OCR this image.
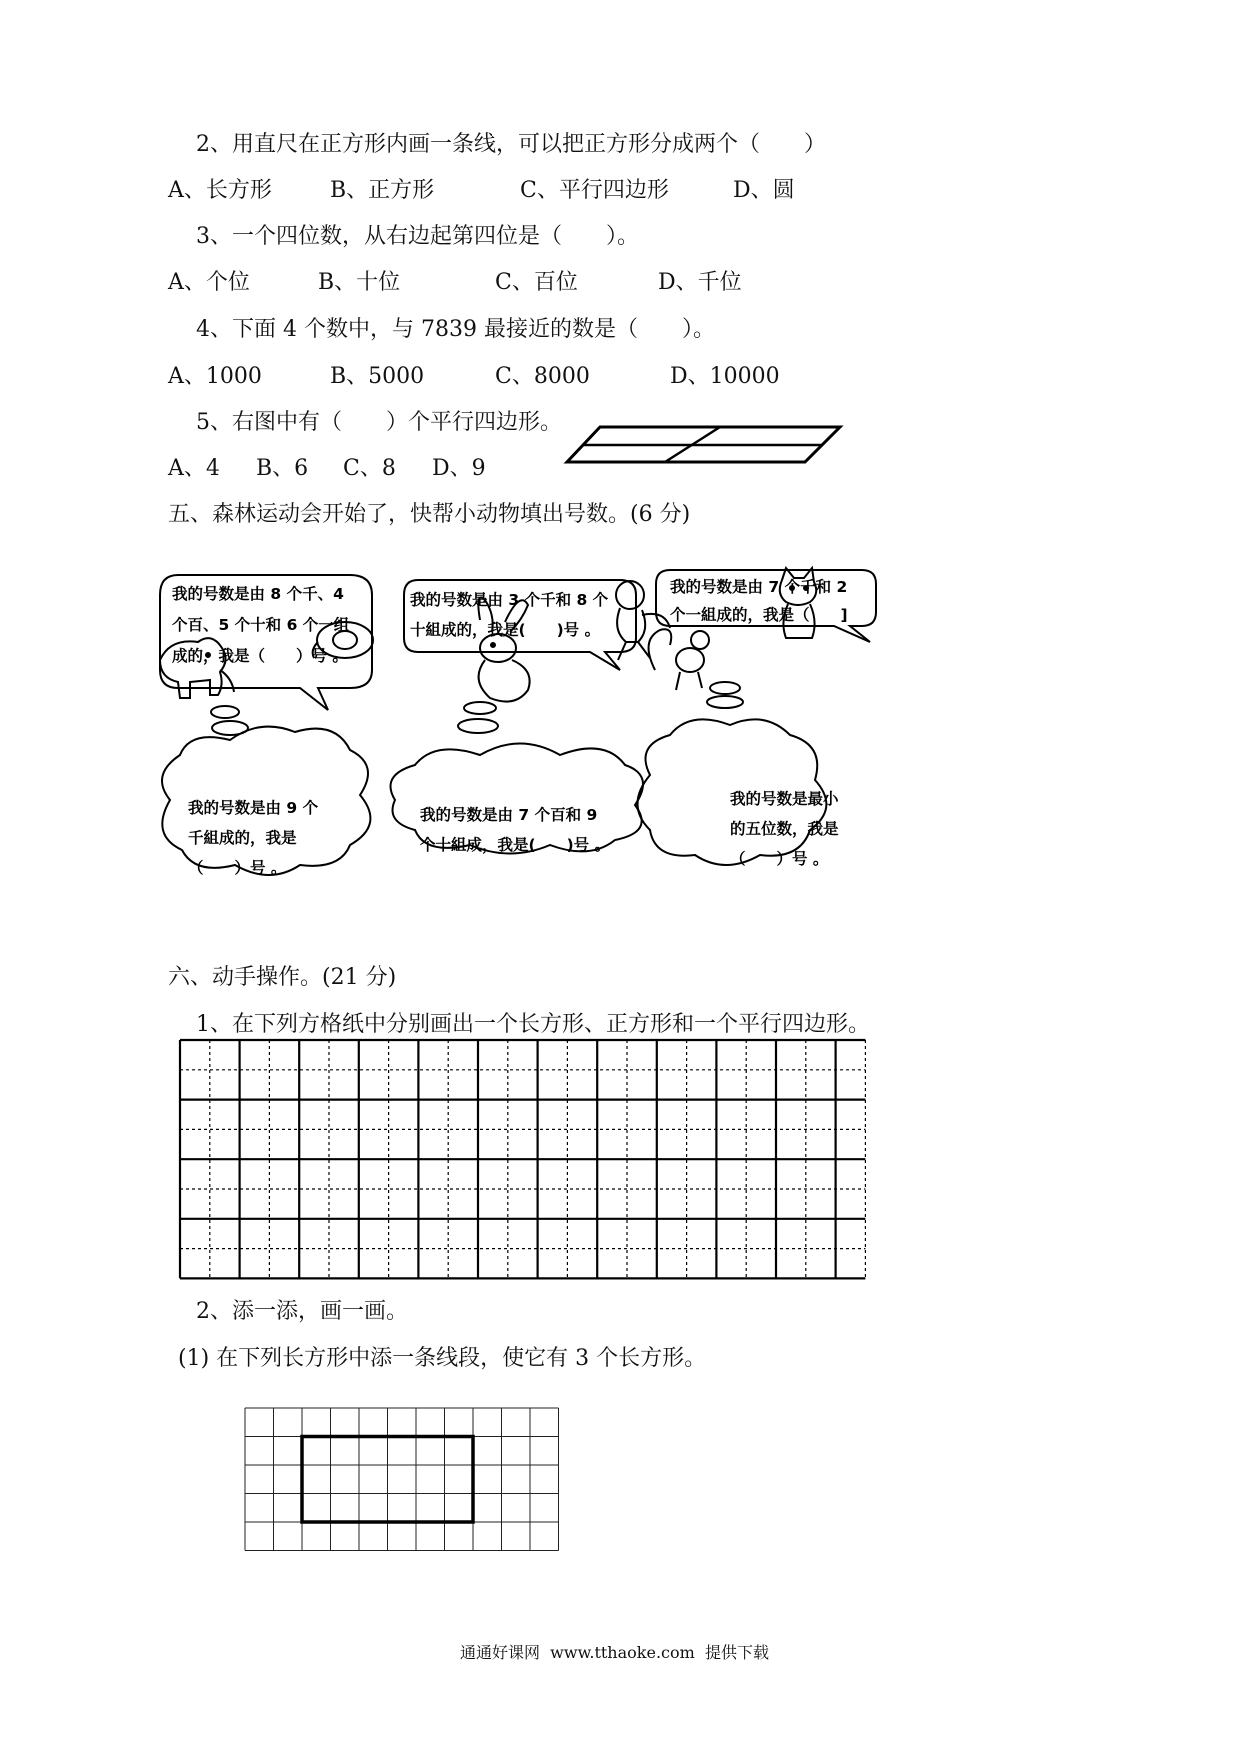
2、用直尺在正方形内画一条线，可以把正方形分成两个（　　）
A、长方形	B、正方形	C、平行四边形	D、圆
3、一个四位数，从右边起第四位是（　　）。
A、个位	B、十位	C、百位	D、千位
4、下面 4 个数中，与 7839 最接近的数是（　　）。
A、1000	B、5000	C、8000	D、10000
5、右图中有（　　）个平行四边形。
A、4 B、6 C、8 D、9
五、森林运动会开始了，快帮小动物填出号数。(6 分)
我的号数是由 8 个千、4
个百、5 个十和 6 个一组
成的，我是（　　）号 。
我的号数是由 3 个千和 8 个
十組成的，我是(　　)号 。
我的号数是由 7 个千和 2
个一組成的，我是（　　]
我的号数是由 9 个
千組成的，我是
（　　）号 。
我的号数是由 7 个百和 9
个十組成，我是(　　)号 。
我的号数是最小
的五位数，我是
（　　）号 。
六、动手操作。(21 分)
1、在下列方格纸中分别画出一个长方形、正方形和一个平行四边形。
2、添一添，画一画。
(1) 在下列长方形中添一条线段，使它有 3 个长方形。
通通好课网  www.tthaoke.com  提供下载
